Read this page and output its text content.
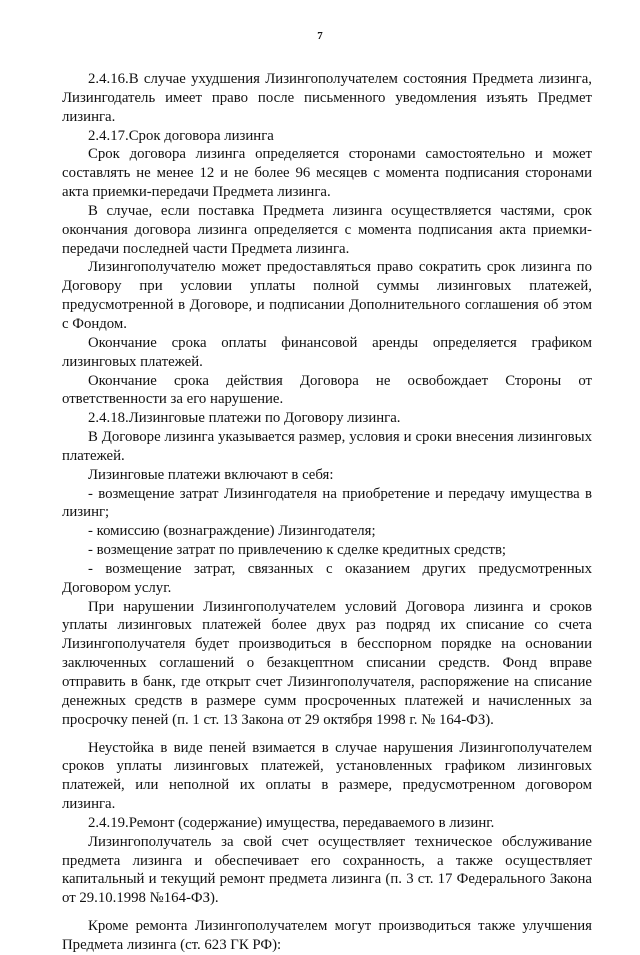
7

2.4.16.В случае ухудшения Лизингополучателем состояния Предмета лизинга, Лизингодатель имеет право после письменного уведомления изъять Предмет лизинга.

2.4.17.Срок договора лизинга

Срок договора лизинга определяется сторонами самостоятельно и может составлять не менее 12 и не более 96 месяцев с момента подписания сторонами акта приемки-передачи Предмета лизинга.

В случае, если поставка Предмета лизинга осуществляется частями, срок окончания договора лизинга определяется с момента подписания акта приемки-передачи последней части Предмета лизинга.

Лизингополучателю может предоставляться право сократить срок лизинга по Договору при условии уплаты полной суммы лизинговых платежей, предусмотренной в Договоре, и подписании Дополнительного соглашения об этом с Фондом.

Окончание срока оплаты финансовой аренды определяется графиком лизинговых платежей.

Окончание срока действия Договора не освобождает Стороны от ответственности за его нарушение.

2.4.18.Лизинговые платежи по Договору лизинга.

В Договоре лизинга указывается размер, условия и сроки внесения лизинговых платежей.

Лизинговые платежи включают в себя:

- возмещение затрат Лизингодателя на приобретение и передачу имущества в лизинг;

- комиссию (вознаграждение) Лизингодателя;

- возмещение затрат по привлечению к сделке кредитных средств;

- возмещение затрат, связанных с оказанием других предусмотренных Договором услуг.

При нарушении Лизингополучателем условий Договора лизинга и сроков уплаты лизинговых платежей более двух раз подряд их списание со счета Лизингополучателя будет производиться в бесспорном порядке на основании заключенных соглашений о безакцептном списании средств. Фонд вправе отправить в банк, где открыт счет Лизингополучателя, распоряжение на списание денежных средств в размере сумм просроченных платежей и начисленных за просрочку пеней (п. 1 ст. 13 Закона от 29 октября 1998 г. № 164-ФЗ).

Неустойка в виде пеней взимается в случае нарушения Лизингополучателем сроков уплаты лизинговых платежей, установленных графиком лизинговых платежей, или неполной их оплаты в размере, предусмотренном договором лизинга.

2.4.19.Ремонт (содержание) имущества, передаваемого в лизинг.

Лизингополучатель за свой счет осуществляет техническое обслуживание предмета лизинга и обеспечивает его сохранность, а также осуществляет капитальный и текущий ремонт предмета лизинга (п. 3 ст. 17 Федерального Закона от 29.10.1998 №164-ФЗ).

Кроме ремонта Лизингополучателем могут производиться также улучшения Предмета лизинга (ст. 623 ГК РФ):
